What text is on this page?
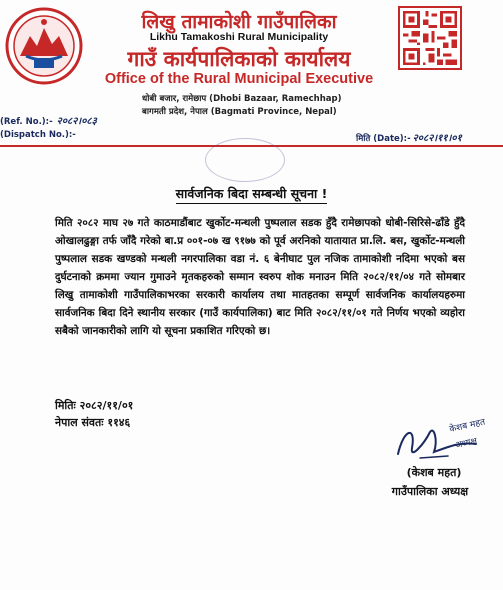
लिखु तामाकोशी गाउँपालिका
Likhu Tamakoshi Rural Municipality
गाउँ कार्यपालिकाको कार्यालय
Office of the Rural Municipal Executive
धोबी बजार, रामेछाप (Dhobi Bazaar, Ramechhap)
बागमती प्रदेश, नेपाल (Bagmati Province, Nepal)
(Ref. No.):- २०८२।०८३
(Dispatch No.):-	मिति (Date):- २०८२।११।०१
सार्वजनिक बिदा सम्बन्धी सूचना !

मिति २०८२ माघ २७ गते काठमाडौंबाट खुर्कोट-मन्थली पुष्पलाल सडक हुँदै रामेछापको धोबी-सिरिसे-ढाँडे हुँदै ओखालढुङ्गा तर्फ जाँदै गरेको बा.प्र ००१-०७ ख ९१७७ को पूर्व अरनिको यातायात प्रा.लि. बस, खुर्कोट-मन्थली पुष्पलाल सडक खण्डको मन्थली नगरपालिका वडा नं. ६ बेनीघाट पुल नजिक तामाकोशी नदिमा भएको बस दुर्घटनाको क्रममा ज्यान गुमाउने मृतकहरुको सम्मान स्वरुप शोक मनाउन मिति २०८२/११/०४ गते सोमबार लिखु तामाकोशी गाउँपालिकाभरका सरकारी कार्यालय तथा मातहतका सम्पूर्ण सार्वजनिक कार्यालयहरुमा सार्वजनिक बिदा दिने स्थानीय सरकार (गाउँ कार्यपालिका) बाट मिति २०८२/११/०१ गते निर्णय भएको व्यहोरा सबैको जानकारीको लागि यो सूचना प्रकाशित गरिएको छ।

मितिः २०८२/११/०१
नेपाल संवतः ११४६	केशब महत
अध्यक्ष
(केशब महत)
गाउँपालिका अध्यक्ष
